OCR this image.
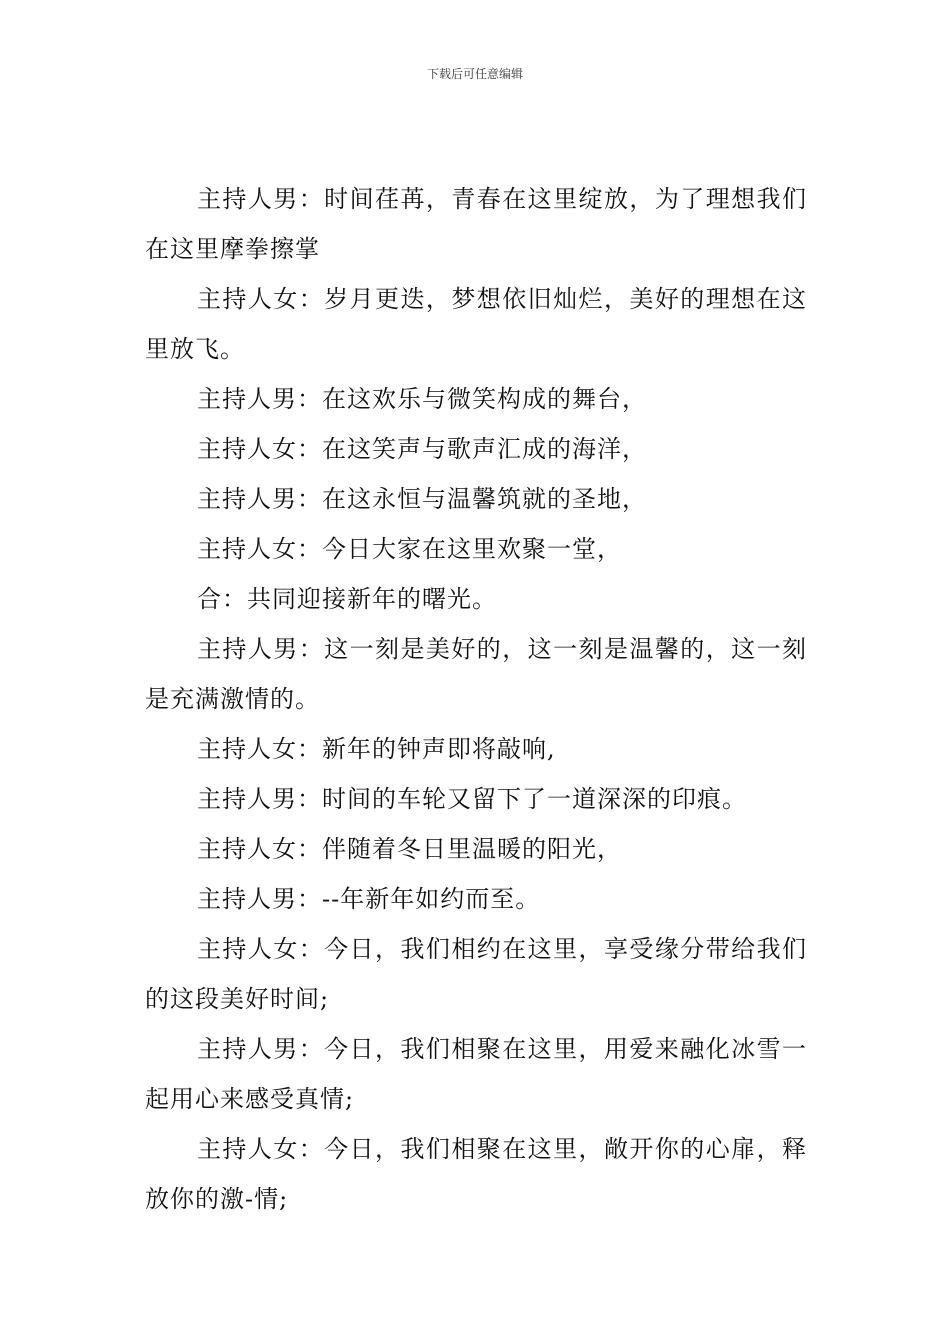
下载后可任意编辑

主持人男：时间荏苒，青春在这里绽放，为了理想我们在这里摩拳擦掌

主持人女：岁月更迭，梦想依旧灿烂，美好的理想在这里放飞。

主持人男：在这欢乐与微笑构成的舞台，

主持人女：在这笑声与歌声汇成的海洋，

主持人男：在这永恒与温馨筑就的圣地，

主持人女：今日大家在这里欢聚一堂，

合：共同迎接新年的曙光。

主持人男：这一刻是美好的，这一刻是温馨的，这一刻是充满激情的。

主持人女：新年的钟声即将敲响,

主持人男：时间的车轮又留下了一道深深的印痕。

主持人女：伴随着冬日里温暖的阳光，

主持人男：--年新年如约而至。

主持人女：今日，我们相约在这里，享受缘分带给我们的这段美好时间;

主持人男：今日，我们相聚在这里，用爱来融化冰雪一起用心来感受真情;

主持人女：今日，我们相聚在这里，敞开你的心扉，释放你的激-情;
